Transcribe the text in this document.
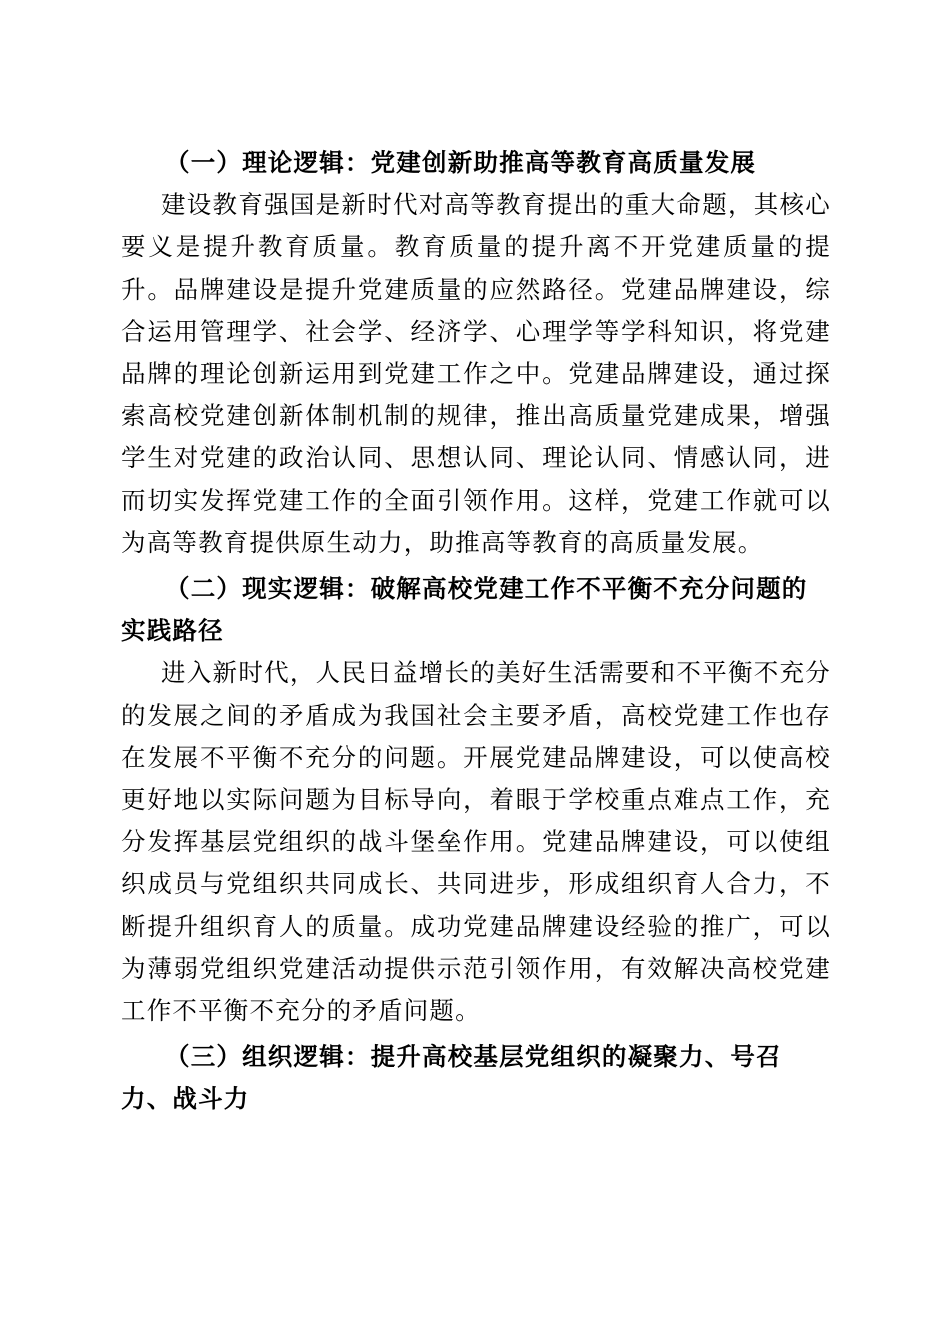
（一）理论逻辑：党建创新助推高等教育高质量发展

建设教育强国是新时代对高等教育提出的重大命题，其核心要义是提升教育质量。教育质量的提升离不开党建质量的提升。品牌建设是提升党建质量的应然路径。党建品牌建设，综合运用管理学、社会学、经济学、心理学等学科知识，将党建品牌的理论创新运用到党建工作之中。党建品牌建设，通过探索高校党建创新体制机制的规律，推出高质量党建成果，增强学生对党建的政治认同、思想认同、理论认同、情感认同，进而切实发挥党建工作的全面引领作用。这样，党建工作就可以为高等教育提供原生动力，助推高等教育的高质量发展。

（二）现实逻辑：破解高校党建工作不平衡不充分问题的实践路径

进入新时代，人民日益增长的美好生活需要和不平衡不充分的发展之间的矛盾成为我国社会主要矛盾，高校党建工作也存在发展不平衡不充分的问题。开展党建品牌建设，可以使高校更好地以实际问题为目标导向，着眼于学校重点难点工作，充分发挥基层党组织的战斗堡垒作用。党建品牌建设，可以使组织成员与党组织共同成长、共同进步，形成组织育人合力，不断提升组织育人的质量。成功党建品牌建设经验的推广，可以为薄弱党组织党建活动提供示范引领作用，有效解决高校党建工作不平衡不充分的矛盾问题。

（三）组织逻辑：提升高校基层党组织的凝聚力、号召力、战斗力
